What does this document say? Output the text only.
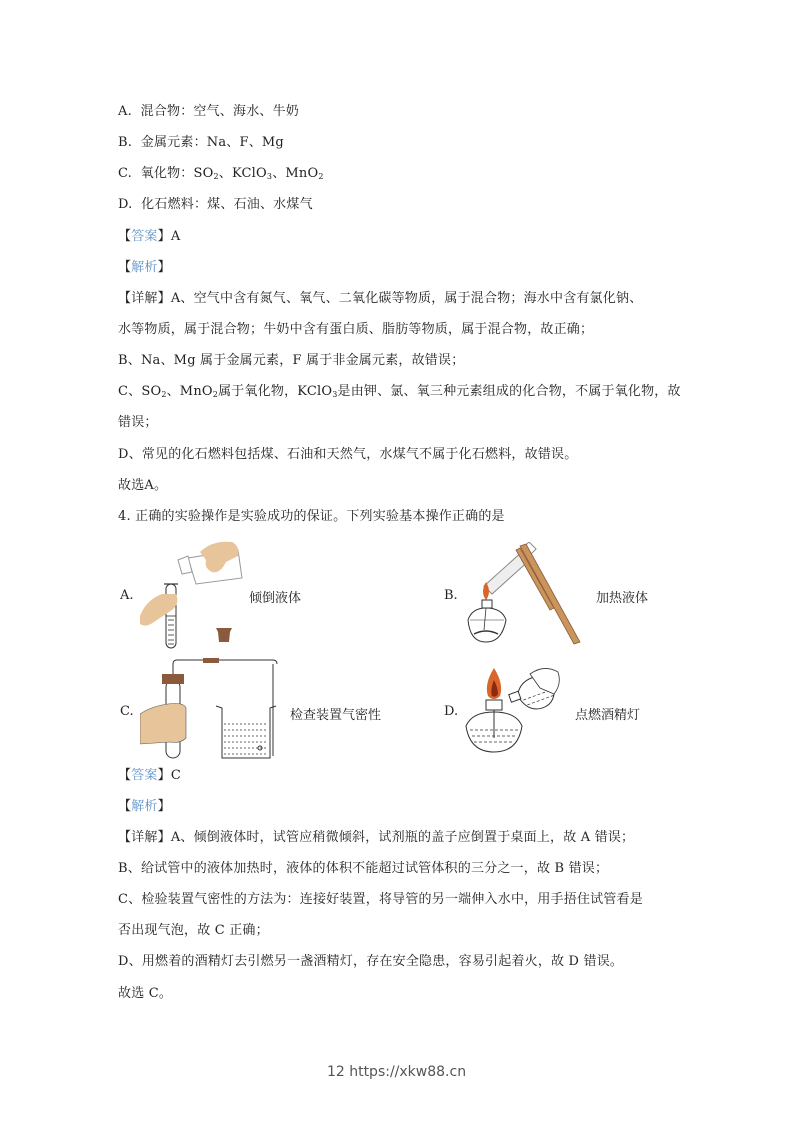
A. 混合物：空气、海水、牛奶
B. 金属元素：Na、F、Mg
C. 氧化物：$SO_2$、KClO$_3$、MnO$_2$
D. 化石燃料：煤、石油、水煤气
【答案】A
【解析】
【详解】A、空气中含有氮气、氧气、二氧化碳等物质，属于混合物；海水中含有氯化钠、
水等物质，属于混合物；牛奶中含有蛋白质、脂肪等物质，属于混合物，故正确；
B、Na、Mg 属于金属元素，F 属于非金属元素，故错误；
C、$SO_2$、MnO$_2$属于氧化物，KClO$_3$是由钾、氯、氧三种元素组成的化合物，不属于氧化物，故
错误；
D、常见的化石燃料包括煤、石油和天然气，水煤气不属于化石燃料，故错误。
故选A。
4. 正确的实验操作是实验成功的保证。下列实验基本操作正确的是
A.	倾倒液体	B.	加热液体
C.	检查装置气密性	D.	点燃酒精灯
【答案】C
【解析】
【详解】A、倾倒液体时，试管应稍微倾斜，试剂瓶的盖子应倒置于桌面上，故 A 错误；
B、给试管中的液体加热时，液体的体积不能超过试管体积的三分之一，故 B 错误；
C、检验装置气密性的方法为：连接好装置，将导管的另一端伸入水中，用手捂住试管看是
否出现气泡，故 C 正确；
D、用燃着的酒精灯去引燃另一盏酒精灯，存在安全隐患，容易引起着火，故 D 错误。
故选 C。
12 https://xkw88.cn
